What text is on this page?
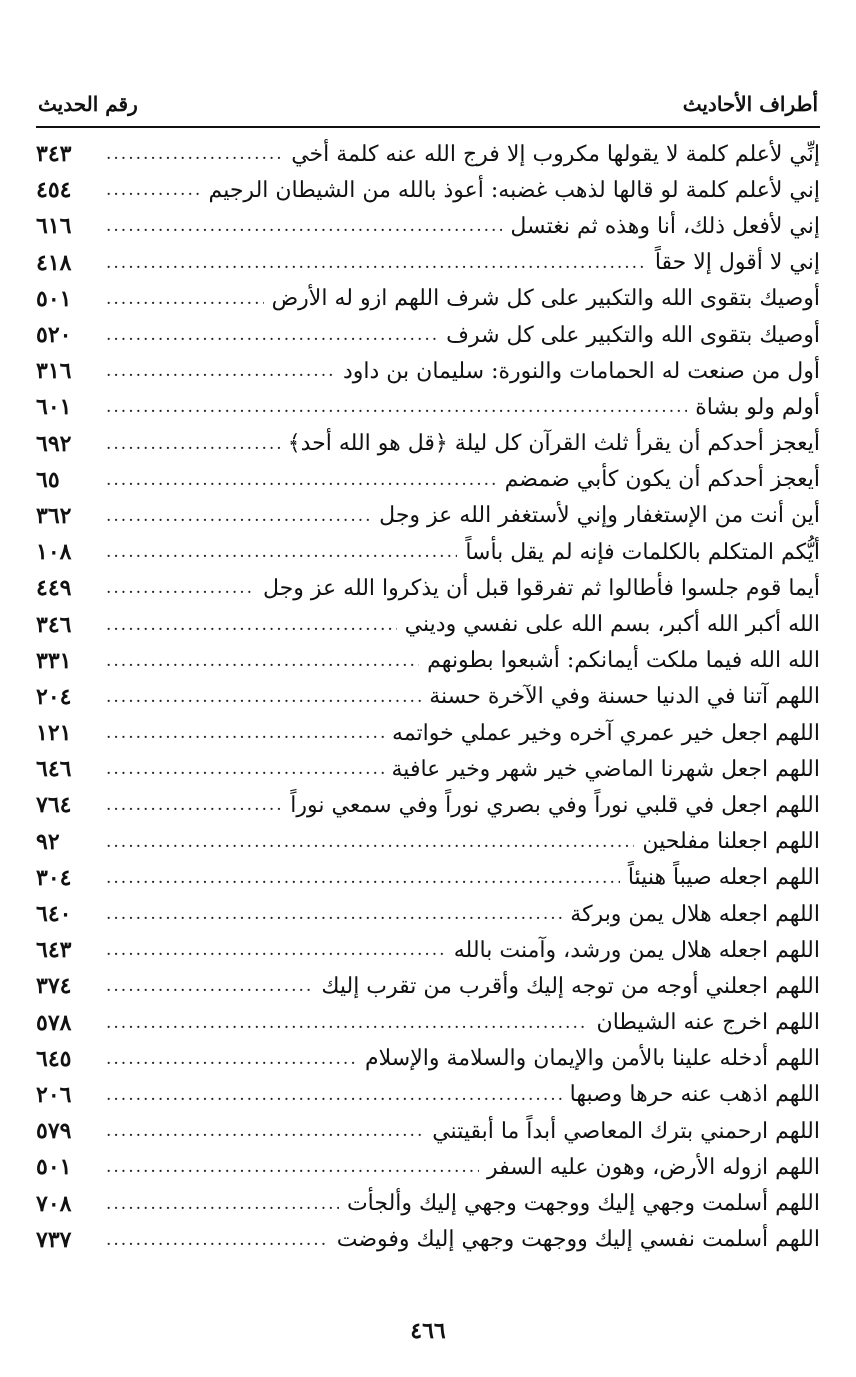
أطراف الأحاديث
رقم الحديث
إنِّي لأعلم كلمة لا يقولها مكروب إلا فرج الله عنه كلمة أخي
.....
٣٤٣
إني لأعلم كلمة لو قالها لذهب غضبه: أعوذ بالله من الشيطان الرجيم
.....
٤٥٤
إني لأفعل ذلك، أنا وهذه ثم نغتسل
.....
٦١٦
إني لا أقول إلا حقاً
.....
٤١٨
أوصيك بتقوى الله والتكبير على كل شرف اللهم ازو له الأرض
.....
٥٠١
أوصيك بتقوى الله والتكبير على كل شرف
.....
٥٢٠
أول من صنعت له الحمامات والنورة: سليمان بن داود
.....
٣١٦
أولم ولو بشاة
.....
٦٠١
أيعجز أحدكم أن يقرأ ثلث القرآن كل ليلة ﴿قل هو الله أحد﴾
.....
٦٩٢
أيعجز أحدكم أن يكون كأبي ضمضم
.....
٦٥
أين أنت من الإستغفار وإني لأستغفر الله عز وجل
.....
٣٦٢
أيُّكم المتكلم بالكلمات فإنه لم يقل بأساً
.....
١٠٨
أيما قوم جلسوا فأطالوا ثم تفرقوا قبل أن يذكروا الله عز وجل
.....
٤٤٩
الله أكبر الله أكبر، بسم الله على نفسي وديني
.....
٣٤٦
الله الله فيما ملكت أيمانكم: أشبعوا بطونهم
.....
٣٣١
اللهم آتنا في الدنيا حسنة وفي الآخرة حسنة
.....
٢٠٤
اللهم اجعل خير عمري آخره وخير عملي خواتمه
.....
١٢١
اللهم اجعل شهرنا الماضي خير شهر وخير عافية
.....
٦٤٦
اللهم اجعل في قلبي نوراً وفي بصري نوراً وفي سمعي نوراً
.....
٧٦٤
اللهم اجعلنا مفلحين
.....
٩٢
اللهم اجعله صيباً هنيئاً
.....
٣٠٤
اللهم اجعله هلال يمن وبركة
.....
٦٤٠
اللهم اجعله هلال يمن ورشد، وآمنت بالله
.....
٦٤٣
اللهم اجعلني أوجه من توجه إليك وأقرب من تقرب إليك
.....
٣٧٤
اللهم اخرج عنه الشيطان
.....
٥٧٨
اللهم أدخله علينا بالأمن والإيمان والسلامة والإسلام
.....
٦٤٥
اللهم اذهب عنه حرها وصبها
.....
٢٠٦
اللهم ارحمني بترك المعاصي أبداً ما أبقيتني
.....
٥٧٩
اللهم ازوله الأرض، وهون عليه السفر
.....
٥٠١
اللهم أسلمت وجهي إليك ووجهت وجهي إليك وألجأت
.....
٧٠٨
اللهم أسلمت نفسي إليك ووجهت وجهي إليك وفوضت
.....
٧٣٧
٤٦٦
